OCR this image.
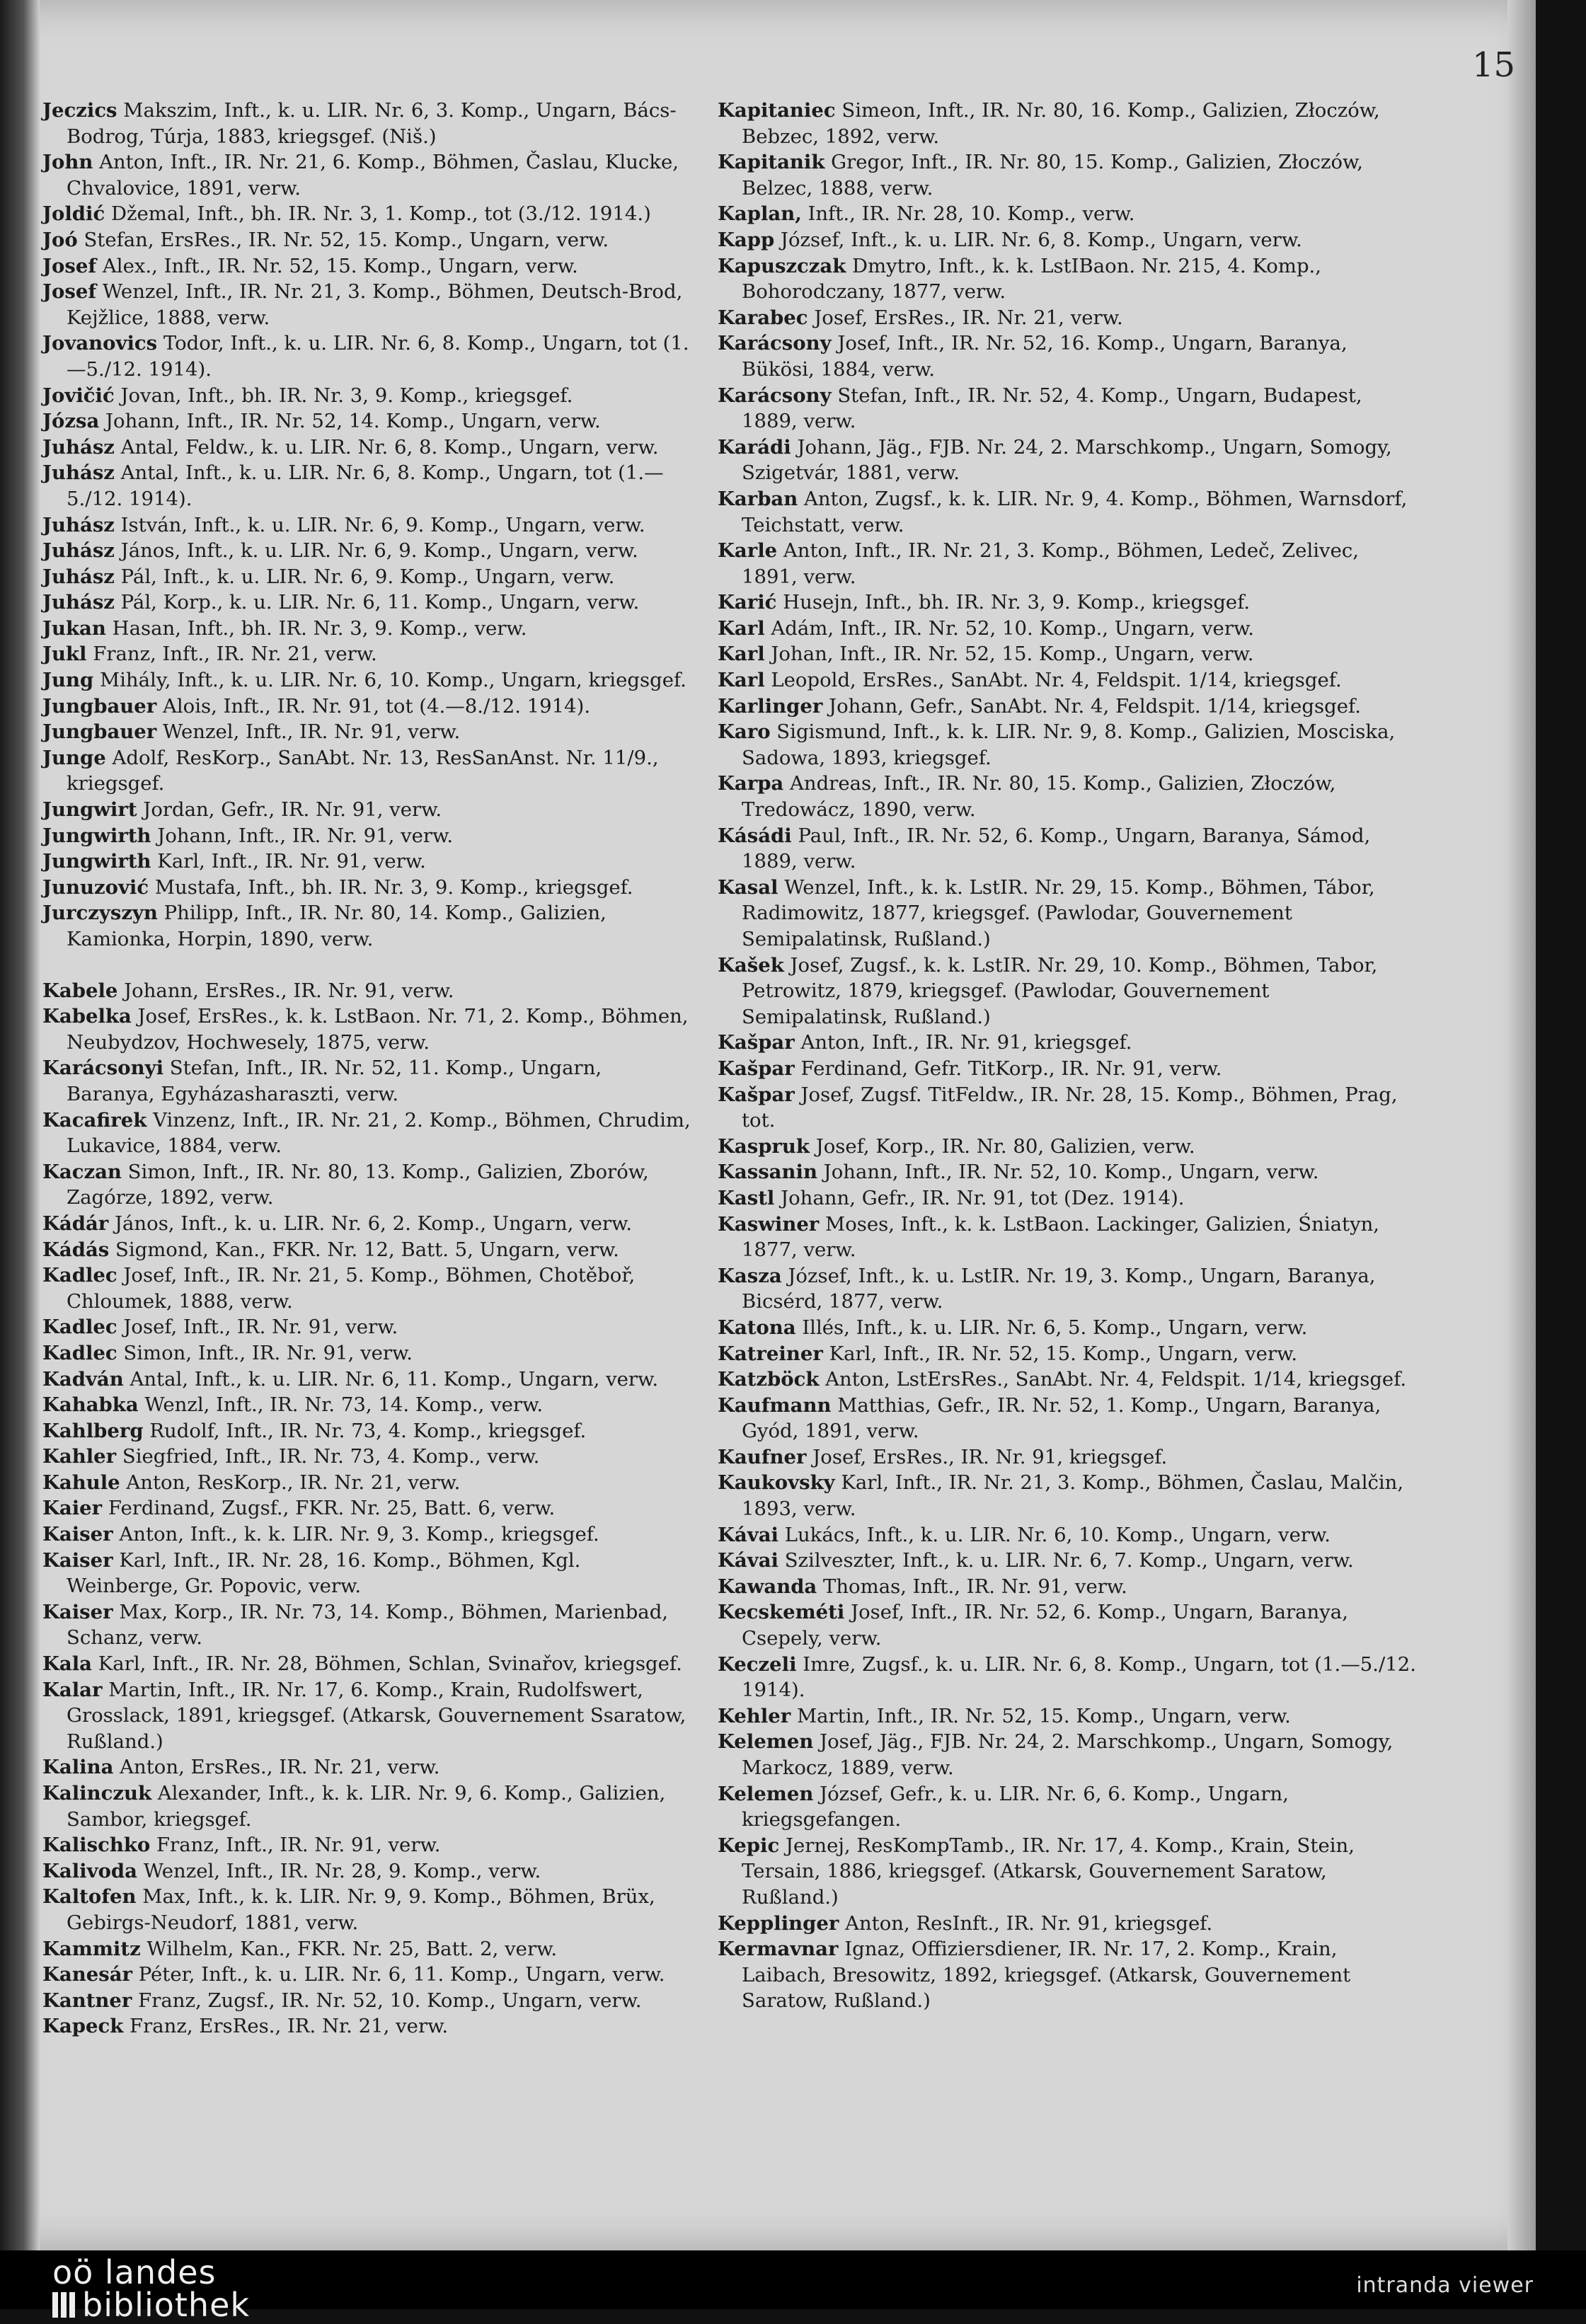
15

Jeczics Makszim, Inft., k. u. LIR. Nr. 6, 3. Komp., Ungarn, Bács-Bodrog, Túrja, 1883, kriegsgef. (Niš.)

John Anton, Inft., IR. Nr. 21, 6. Komp., Böhmen, Časlau, Klucke, Chvalovice, 1891, verw.

Joldić Džemal, Inft., bh. IR. Nr. 3, 1. Komp., tot (3./12. 1914.)

Joó Stefan, ErsRes., IR. Nr. 52, 15. Komp., Ungarn, verw.

Josef Alex., Inft., IR. Nr. 52, 15. Komp., Ungarn, verw.

Josef Wenzel, Inft., IR. Nr. 21, 3. Komp., Böhmen, Deutsch-Brod, Kejžlice, 1888, verw.

Jovanovics Todor, Inft., k. u. LIR. Nr. 6, 8. Komp., Ungarn, tot (1.—5./12. 1914).

Jovičić Jovan, Inft., bh. IR. Nr. 3, 9. Komp., kriegsgef.

Józsa Johann, Inft., IR. Nr. 52, 14. Komp., Ungarn, verw.

Juhász Antal, Feldw., k. u. LIR. Nr. 6, 8. Komp., Ungarn, verw.

Juhász Antal, Inft., k. u. LIR. Nr. 6, 8. Komp., Ungarn, tot (1.—5./12. 1914).

Juhász István, Inft., k. u. LIR. Nr. 6, 9. Komp., Ungarn, verw.

Juhász János, Inft., k. u. LIR. Nr. 6, 9. Komp., Ungarn, verw.

Juhász Pál, Inft., k. u. LIR. Nr. 6, 9. Komp., Ungarn, verw.

Juhász Pál, Korp., k. u. LIR. Nr. 6, 11. Komp., Ungarn, verw.

Jukan Hasan, Inft., bh. IR. Nr. 3, 9. Komp., verw.

Jukl Franz, Inft., IR. Nr. 21, verw.

Jung Mihály, Inft., k. u. LIR. Nr. 6, 10. Komp., Ungarn, kriegsgef.

Jungbauer Alois, Inft., IR. Nr. 91, tot (4.—8./12. 1914).

Jungbauer Wenzel, Inft., IR. Nr. 91, verw.

Junge Adolf, ResKorp., SanAbt. Nr. 13, ResSanAnst. Nr. 11/9., kriegsgef.

Jungwirt Jordan, Gefr., IR. Nr. 91, verw.

Jungwirth Johann, Inft., IR. Nr. 91, verw.

Jungwirth Karl, Inft., IR. Nr. 91, verw.

Junuzović Mustafa, Inft., bh. IR. Nr. 3, 9. Komp., kriegsgef.

Jurczyszyn Philipp, Inft., IR. Nr. 80, 14. Komp., Galizien, Kamionka, Horpin, 1890, verw.

Kabele Johann, ErsRes., IR. Nr. 91, verw.

Kabelka Josef, ErsRes., k. k. LstBaon. Nr. 71, 2. Komp., Böhmen, Neubydzov, Hochwesely, 1875, verw.

Karácsonyi Stefan, Inft., IR. Nr. 52, 11. Komp., Ungarn, Baranya, Egyházasharaszti, verw.

Kacafirek Vinzenz, Inft., IR. Nr. 21, 2. Komp., Böhmen, Chrudim, Lukavice, 1884, verw.

Kaczan Simon, Inft., IR. Nr. 80, 13. Komp., Galizien, Zborów, Zagórze, 1892, verw.

Kádár János, Inft., k. u. LIR. Nr. 6, 2. Komp., Ungarn, verw.

Kádás Sigmond, Kan., FKR. Nr. 12, Batt. 5, Ungarn, verw.

Kadlec Josef, Inft., IR. Nr. 21, 5. Komp., Böhmen, Chotěboř, Chloumek, 1888, verw.

Kadlec Josef, Inft., IR. Nr. 91, verw.

Kadlec Simon, Inft., IR. Nr. 91, verw.

Kadván Antal, Inft., k. u. LIR. Nr. 6, 11. Komp., Ungarn, verw.

Kahabka Wenzl, Inft., IR. Nr. 73, 14. Komp., verw.

Kahlberg Rudolf, Inft., IR. Nr. 73, 4. Komp., kriegsgef.

Kahler Siegfried, Inft., IR. Nr. 73, 4. Komp., verw.

Kahule Anton, ResKorp., IR. Nr. 21, verw.

Kaier Ferdinand, Zugsf., FKR. Nr. 25, Batt. 6, verw.

Kaiser Anton, Inft., k. k. LIR. Nr. 9, 3. Komp., kriegsgef.

Kaiser Karl, Inft., IR. Nr. 28, 16. Komp., Böhmen, Kgl. Weinberge, Gr. Popovic, verw.

Kaiser Max, Korp., IR. Nr. 73, 14. Komp., Böhmen, Marienbad, Schanz, verw.

Kala Karl, Inft., IR. Nr. 28, Böhmen, Schlan, Svinařov, kriegsgef.

Kalar Martin, Inft., IR. Nr. 17, 6. Komp., Krain, Rudolfswert, Grosslack, 1891, kriegsgef. (Atkarsk, Gouvernement Ssaratow, Rußland.)

Kalina Anton, ErsRes., IR. Nr. 21, verw.

Kalinczuk Alexander, Inft., k. k. LIR. Nr. 9, 6. Komp., Galizien, Sambor, kriegsgef.

Kalischko Franz, Inft., IR. Nr. 91, verw.

Kalivoda Wenzel, Inft., IR. Nr. 28, 9. Komp., verw.

Kaltofen Max, Inft., k. k. LIR. Nr. 9, 9. Komp., Böhmen, Brüx, Gebirgs-Neudorf, 1881, verw.

Kammitz Wilhelm, Kan., FKR. Nr. 25, Batt. 2, verw.

Kanesár Péter, Inft., k. u. LIR. Nr. 6, 11. Komp., Ungarn, verw.

Kantner Franz, Zugsf., IR. Nr. 52, 10. Komp., Ungarn, verw.

Kapeck Franz, ErsRes., IR. Nr. 21, verw.

Kapitaniec Simeon, Inft., IR. Nr. 80, 16. Komp., Galizien, Złoczów, Bebzec, 1892, verw.

Kapitanik Gregor, Inft., IR. Nr. 80, 15. Komp., Galizien, Złoczów, Belzec, 1888, verw.

Kaplan, Inft., IR. Nr. 28, 10. Komp., verw.

Kapp József, Inft., k. u. LIR. Nr. 6, 8. Komp., Ungarn, verw.

Kapuszczak Dmytro, Inft., k. k. LstIBaon. Nr. 215, 4. Komp., Bohorodczany, 1877, verw.

Karabec Josef, ErsRes., IR. Nr. 21, verw.

Karácsony Josef, Inft., IR. Nr. 52, 16. Komp., Ungarn, Baranya, Bükösi, 1884, verw.

Karácsony Stefan, Inft., IR. Nr. 52, 4. Komp., Ungarn, Budapest, 1889, verw.

Karádi Johann, Jäg., FJB. Nr. 24, 2. Marschkomp., Ungarn, Somogy, Szigetvár, 1881, verw.

Karban Anton, Zugsf., k. k. LIR. Nr. 9, 4. Komp., Böhmen, Warnsdorf, Teichstatt, verw.

Karle Anton, Inft., IR. Nr. 21, 3. Komp., Böhmen, Ledeč, Zelivec, 1891, verw.

Karić Husejn, Inft., bh. IR. Nr. 3, 9. Komp., kriegsgef.

Karl Adám, Inft., IR. Nr. 52, 10. Komp., Ungarn, verw.

Karl Johan, Inft., IR. Nr. 52, 15. Komp., Ungarn, verw.

Karl Leopold, ErsRes., SanAbt. Nr. 4, Feldspit. 1/14, kriegsgef.

Karlinger Johann, Gefr., SanAbt. Nr. 4, Feldspit. 1/14, kriegsgef.

Karo Sigismund, Inft., k. k. LIR. Nr. 9, 8. Komp., Galizien, Mosciska, Sadowa, 1893, kriegsgef.

Karpa Andreas, Inft., IR. Nr. 80, 15. Komp., Galizien, Złoczów, Tredowácz, 1890, verw.

Kásádi Paul, Inft., IR. Nr. 52, 6. Komp., Ungarn, Baranya, Sámod, 1889, verw.

Kasal Wenzel, Inft., k. k. LstIR. Nr. 29, 15. Komp., Böhmen, Tábor, Radimowitz, 1877, kriegsgef. (Pawlodar, Gouvernement Semipalatinsk, Rußland.)

Kašek Josef, Zugsf., k. k. LstIR. Nr. 29, 10. Komp., Böhmen, Tabor, Petrowitz, 1879, kriegsgef. (Pawlodar, Gouvernement Semipalatinsk, Rußland.)

Kašpar Anton, Inft., IR. Nr. 91, kriegsgef.

Kašpar Ferdinand, Gefr. TitKorp., IR. Nr. 91, verw.

Kašpar Josef, Zugsf. TitFeldw., IR. Nr. 28, 15. Komp., Böhmen, Prag, tot.

Kaspruk Josef, Korp., IR. Nr. 80, Galizien, verw.

Kassanin Johann, Inft., IR. Nr. 52, 10. Komp., Ungarn, verw.

Kastl Johann, Gefr., IR. Nr. 91, tot (Dez. 1914).

Kaswiner Moses, Inft., k. k. LstBaon. Lackinger, Galizien, Śniatyn, 1877, verw.

Kasza József, Inft., k. u. LstIR. Nr. 19, 3. Komp., Ungarn, Baranya, Bicsérd, 1877, verw.

Katona Illés, Inft., k. u. LIR. Nr. 6, 5. Komp., Ungarn, verw.

Katreiner Karl, Inft., IR. Nr. 52, 15. Komp., Ungarn, verw.

Katzböck Anton, LstErsRes., SanAbt. Nr. 4, Feldspit. 1/14, kriegsgef.

Kaufmann Matthias, Gefr., IR. Nr. 52, 1. Komp., Ungarn, Baranya, Gyód, 1891, verw.

Kaufner Josef, ErsRes., IR. Nr. 91, kriegsgef.

Kaukovsky Karl, Inft., IR. Nr. 21, 3. Komp., Böhmen, Časlau, Malčin, 1893, verw.

Kávai Lukács, Inft., k. u. LIR. Nr. 6, 10. Komp., Ungarn, verw.

Kávai Szilveszter, Inft., k. u. LIR. Nr. 6, 7. Komp., Ungarn, verw.

Kawanda Thomas, Inft., IR. Nr. 91, verw.

Kecskeméti Josef, Inft., IR. Nr. 52, 6. Komp., Ungarn, Baranya, Csepely, verw.

Keczeli Imre, Zugsf., k. u. LIR. Nr. 6, 8. Komp., Ungarn, tot (1.—5./12. 1914).

Kehler Martin, Inft., IR. Nr. 52, 15. Komp., Ungarn, verw.

Kelemen Josef, Jäg., FJB. Nr. 24, 2. Marschkomp., Ungarn, Somogy, Markocz, 1889, verw.

Kelemen József, Gefr., k. u. LIR. Nr. 6, 6. Komp., Ungarn, kriegsgefangen.

Kepic Jernej, ResKompTamb., IR. Nr. 17, 4. Komp., Krain, Stein, Tersain, 1886, kriegsgef. (Atkarsk, Gouvernement Saratow, Rußland.)

Kepplinger Anton, ResInft., IR. Nr. 91, kriegsgef.

Kermavnar Ignaz, Offiziersdiener, IR. Nr. 17, 2. Komp., Krain, Laibach, Bresowitz, 1892, kriegsgef. (Atkarsk, Gouvernement Saratow, Rußland.)

oö landes
bibliothek
intranda viewer
